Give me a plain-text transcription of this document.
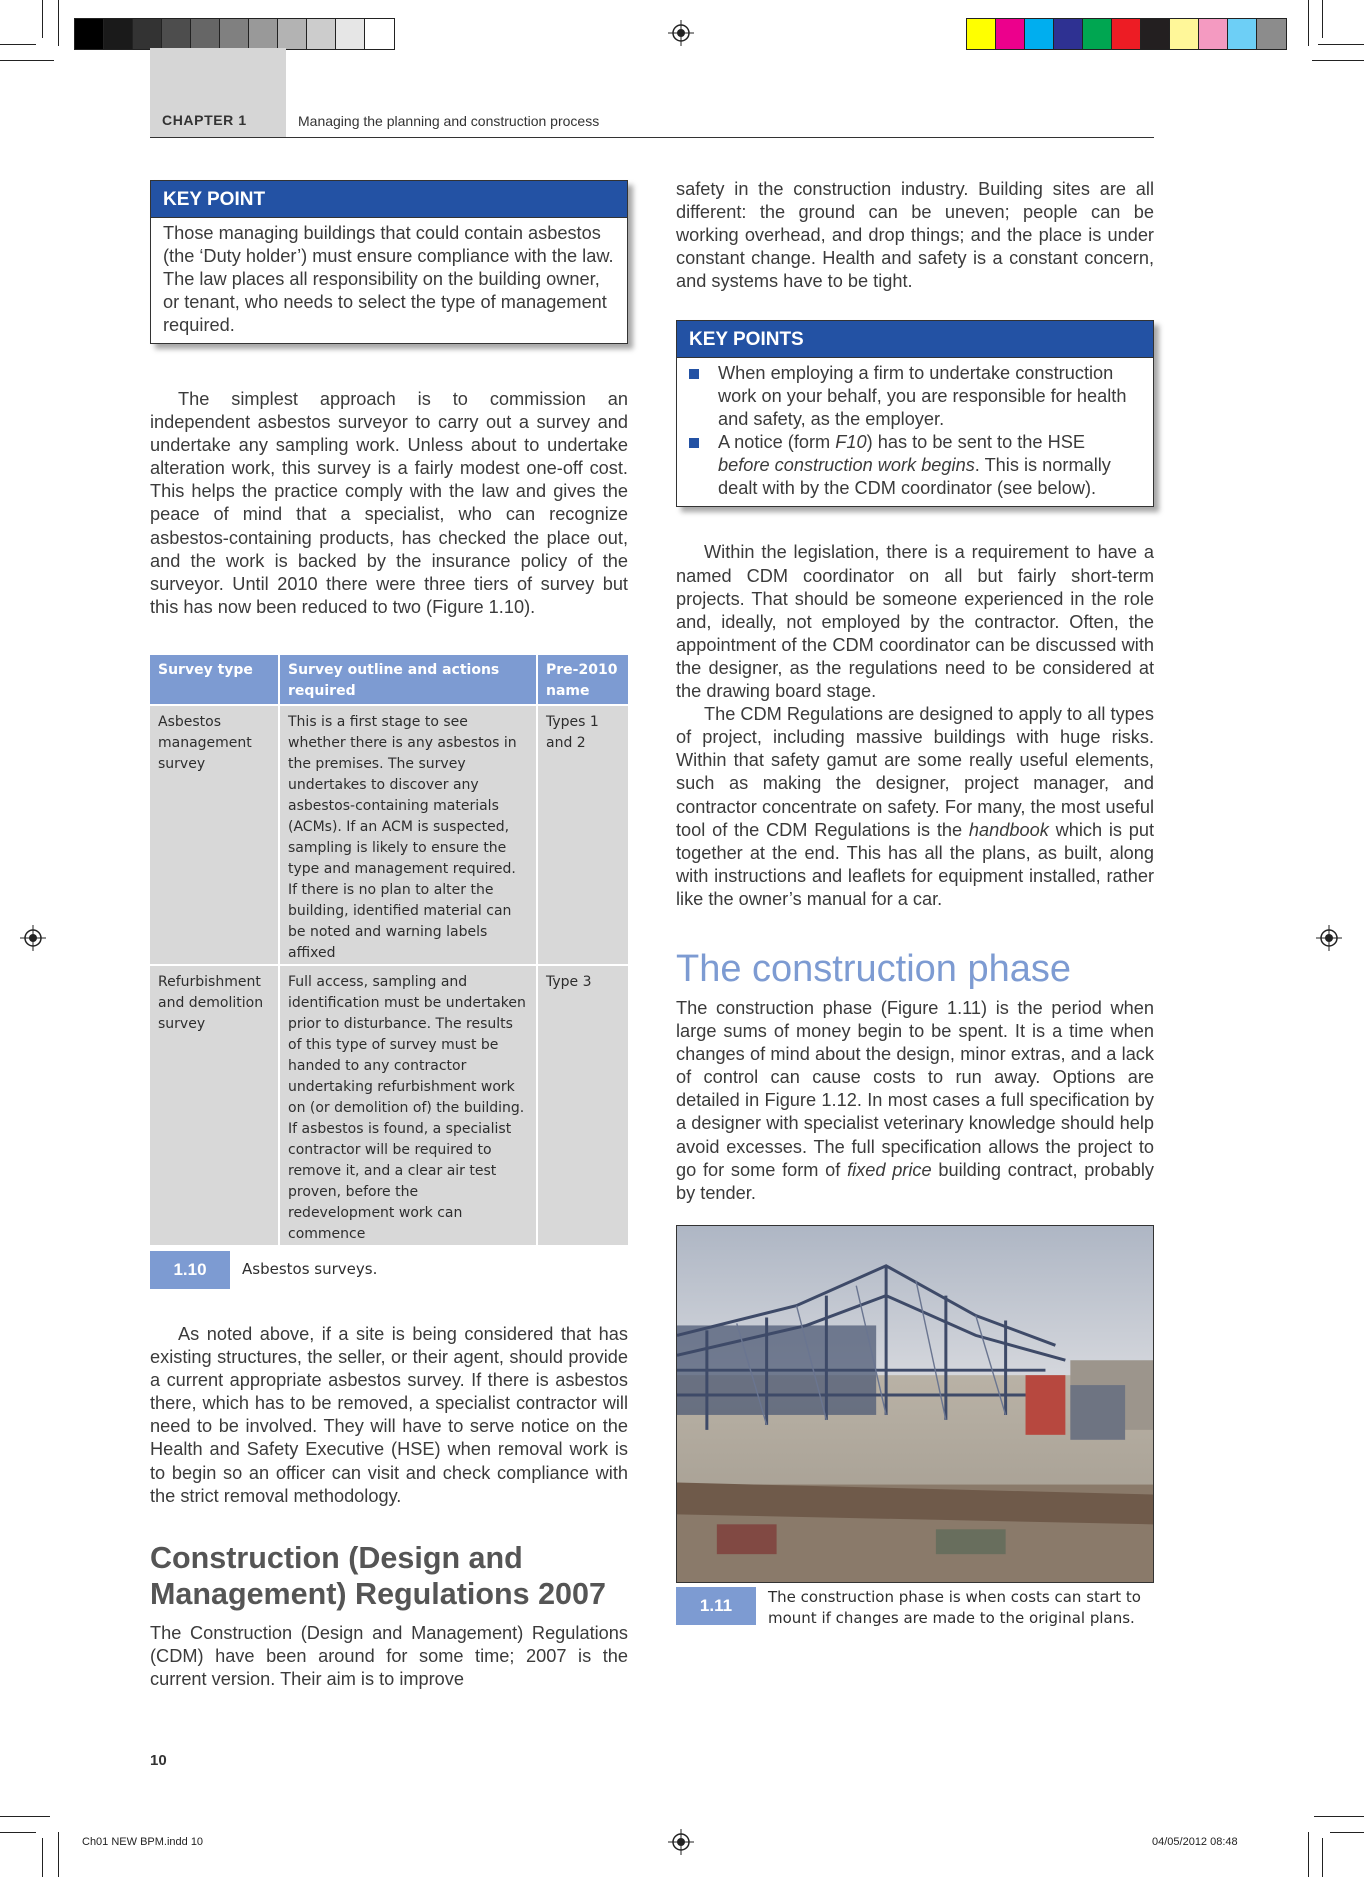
CHAPTER 1	Managing the planning and construction process
KEY POINT
Those managing buildings that could contain asbestos (the ‘Duty holder’) must ensure compliance with the law. The law places all responsibility on the building owner, or tenant, who needs to select the type of management required.

The simplest approach is to commission an independent asbestos surveyor to carry out a survey and undertake any sampling work. Unless about to undertake alteration work, this survey is a fairly modest one-off cost. This helps the practice comply with the law and gives the peace of mind that a specialist, who can recognize asbestos-containing products, has checked the place out, and the work is backed by the insurance policy of the surveyor. Until 2010 there were three tiers of survey but this has now been reduced to two (Figure 1.10).

Survey type	Survey outline and actions required	Pre-2010 name
Asbestos management survey	This is a first stage to see whether there is any asbestos in the premises. The survey undertakes to discover any asbestos-containing materials (ACMs). If an ACM is suspected, sampling is likely to ensure the type and management required. If there is no plan to alter the building, identified material can be noted and warning labels affixed	Types 1 and 2
Refurbishment and demolition survey	Full access, sampling and identification must be undertaken prior to disturbance. The results of this type of survey must be handed to any contractor undertaking refurbishment work on (or demolition of) the building. If asbestos is found, a specialist contractor will be required to remove it, and a clear air test proven, before the redevelopment work can commence	Type 3
1.10	Asbestos surveys.

As noted above, if a site is being considered that has existing structures, the seller, or their agent, should provide a current appropriate asbestos survey. If there is asbestos there, which has to be removed, a specialist contractor will need to be involved. They will have to serve notice on the Health and Safety Executive (HSE) when removal work is to begin so an officer can visit and check compliance with the strict removal methodology.

Construction (Design and Management) Regulations 2007

The Construction (Design and Management) Regulations (CDM) have been around for some time; 2007 is the current version. Their aim is to improve

safety in the construction industry. Building sites are all different: the ground can be uneven; people can be working overhead, and drop things; and the place is under constant change. Health and safety is a constant concern, and systems have to be tight.

KEY POINTS
When employing a firm to undertake construction work on your behalf, you are responsible for health and safety, as the employer.
A notice (form F10) has to be sent to the HSE before construction work begins. This is normally dealt with by the CDM coordinator (see below).

Within the legislation, there is a requirement to have a named CDM coordinator on all but fairly short-term projects. That should be someone experienced in the role and, ideally, not employed by the contractor. Often, the appointment of the CDM coordinator can be discussed with the designer, as the regulations need to be considered at the drawing board stage.

The CDM Regulations are designed to apply to all types of project, including massive buildings with huge risks. Within that safety gamut are some really useful elements, such as making the designer, project manager, and contractor concentrate on safety. For many, the most useful tool of the CDM Regulations is the handbook which is put together at the end. This has all the plans, as built, along with instructions and leaflets for equipment installed, rather like the owner’s manual for a car.

The construction phase

The construction phase (Figure 1.11) is the period when large sums of money begin to be spent. It is a time when changes of mind about the design, minor extras, and a lack of control can cause costs to run away. Options are detailed in Figure 1.12. In most cases a full specification by a designer with specialist veterinary knowledge should help avoid excesses. The full specification allows the project to go for some form of fixed price building contract, probably by tender.

1.11	The construction phase is when costs can start to mount if changes are made to the original plans.
10
Ch01 NEW BPM.indd 10	04/05/2012 08:48
